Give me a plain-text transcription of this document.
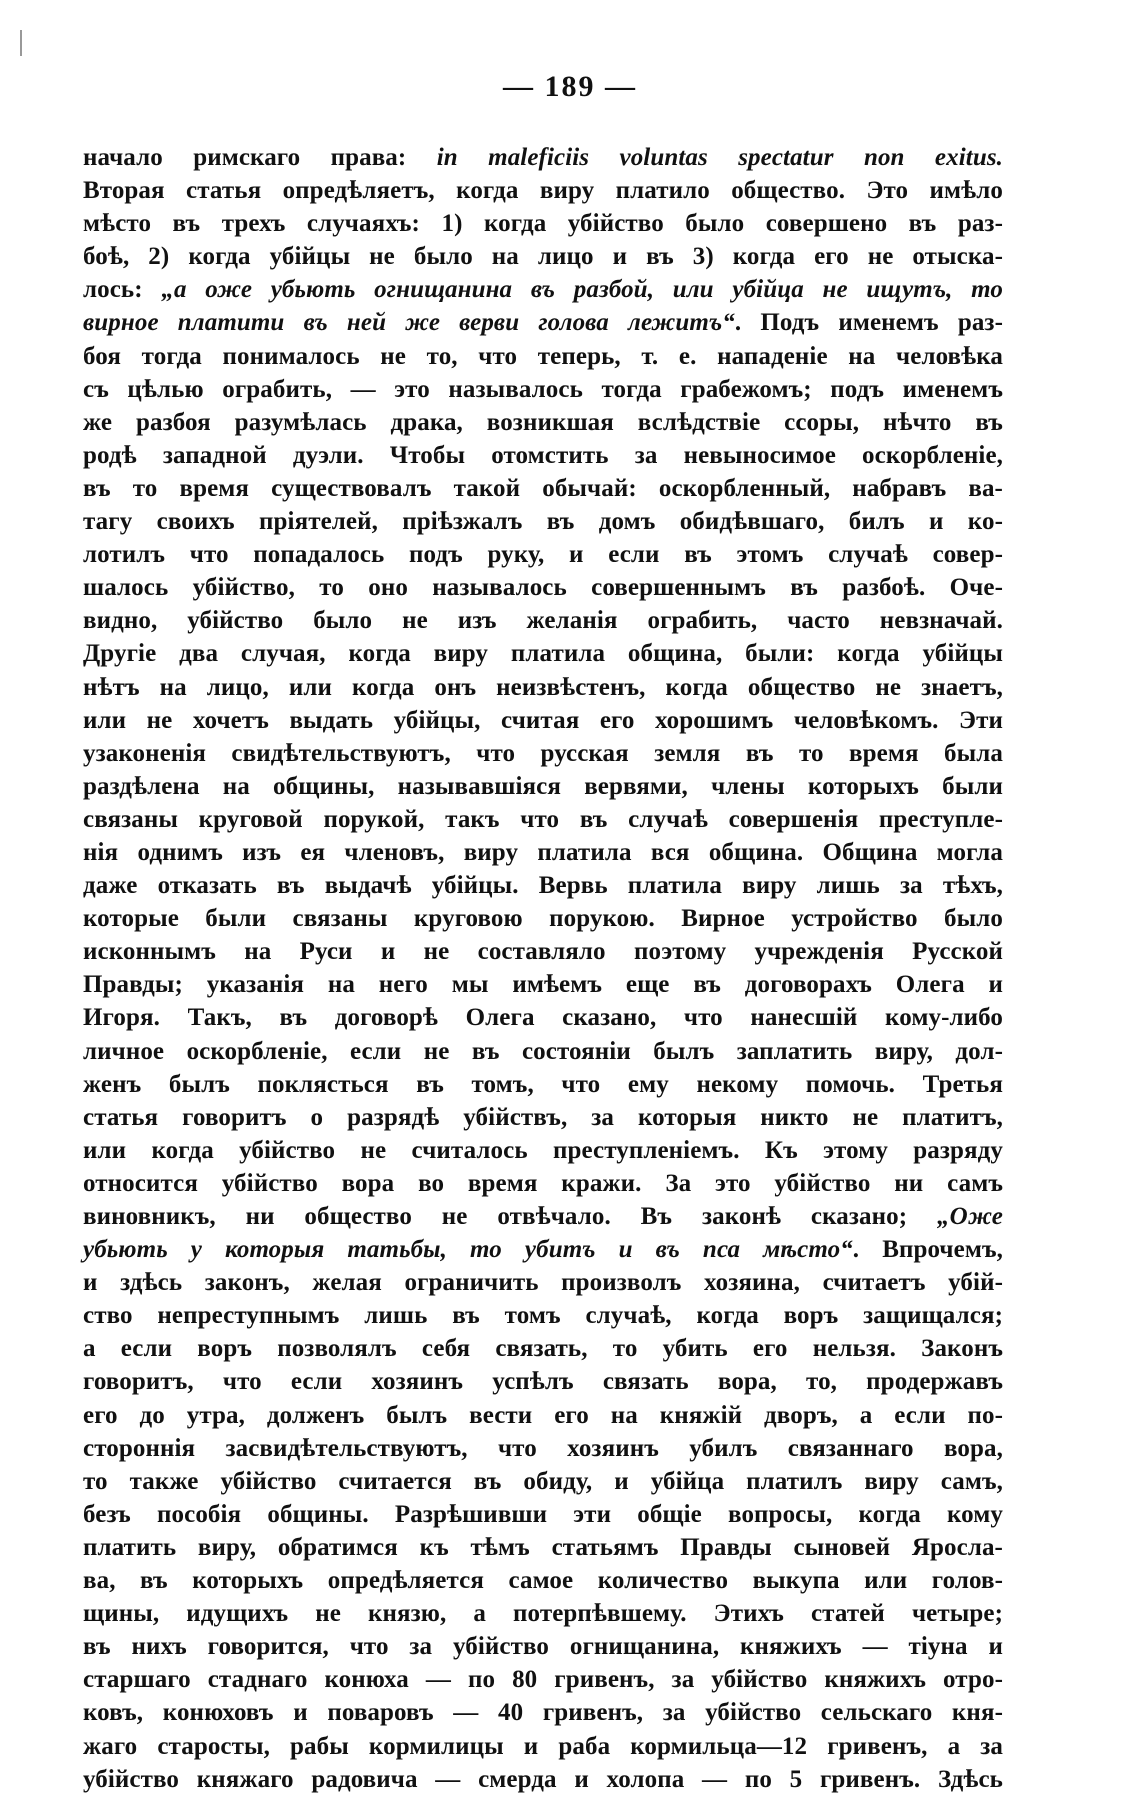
— 189 —
начало римскаго права: in maleficiis voluntas spectatur non exitus.
Вторая статья опредѣляетъ, когда виру платило общество. Это имѣло
мѣсто въ трехъ случаяхъ: 1) когда убійство было совершено въ раз-
боѣ, 2) когда убійцы не было на лицо и въ 3) когда его не отыска-
лось: „а оже убьють огнищанина въ разбой, или убійца не ищутъ, то
вирное платити въ ней же верви голова лежитъ“. Подъ именемъ раз-
боя тогда понималось не то, что теперь, т. е. нападеніе на человѣка
съ цѣлью ограбить, — это называлось тогда грабежомъ; подъ именемъ
же разбоя разумѣлась драка, возникшая вслѣдствіе ссоры, нѣчто въ
родѣ западной дуэли. Чтобы отомстить за невыносимое оскорбленіе,
въ то время существовалъ такой обычай: оскорбленный, набравъ ва-
тагу своихъ пріятелей, пріѣзжалъ въ домъ обидѣвшаго, билъ и ко-
лотилъ что попадалось подъ руку, и если въ этомъ случаѣ совер-
шалось убійство, то оно называлось совершеннымъ въ разбоѣ. Оче-
видно, убійство было не изъ желанія ограбить, часто невзначай.
Другіе два случая, когда виру платила община, были: когда убійцы
нѣтъ на лицо, или когда онъ неизвѣстенъ, когда общество не знаетъ,
или не хочетъ выдать убійцы, считая его хорошимъ человѣкомъ. Эти
узаконенія свидѣтельствуютъ, что русская земля въ то время была
раздѣлена на общины, называвшіяся вервями, члены которыхъ были
связаны круговой порукой, такъ что въ случаѣ совершенія преступле-
нія однимъ изъ ея членовъ, виру платила вся община. Община могла
даже отказать въ выдачѣ убійцы. Вервь платила виру лишь за тѣхъ,
которые были связаны круговою порукою. Вирное устройство было
исконнымъ на Руси и не составляло поэтому учрежденія Русской
Правды; указанія на него мы имѣемъ еще въ договорахъ Олега и
Игоря. Такъ, въ договорѣ Олега сказано, что нанесшій кому-либо
личное оскорбленіе, если не въ состояніи былъ заплатить виру, дол-
женъ былъ поклясться въ томъ, что ему некому помочь. Третья
статья говоритъ о разрядѣ убійствъ, за которыя никто не платитъ,
или когда убійство не считалось преступленіемъ. Къ этому разряду
относится убійство вора во время кражи. За это убійство ни самъ
виновникъ, ни общество не отвѣчало. Въ законѣ сказано; „Оже
убьють у которыя татьбы, то убитъ и въ пса мѣсто“. Впрочемъ,
и здѣсь законъ, желая ограничить произволъ хозяина, считаетъ убій-
ство непреступнымъ лишь въ томъ случаѣ, когда воръ защищался;
а если воръ позволялъ себя связать, то убить его нельзя. Законъ
говоритъ, что если хозяинъ успѣлъ связать вора, то, продержавъ
его до утра, долженъ былъ вести его на княжій дворъ, а если по-
стороннія засвидѣтельствуютъ, что хозяинъ убилъ связаннаго вора,
то также убійство считается въ обиду, и убійца платилъ виру самъ,
безъ пособія общины. Разрѣшивши эти общіе вопросы, когда кому
платить виру, обратимся къ тѣмъ статьямъ Правды сыновей Яросла-
ва, въ которыхъ опредѣляется самое количество выкупа или голов-
щины, идущихъ не князю, а потерпѣвшему. Этихъ статей четыре;
въ нихъ говорится, что за убійство огнищанина, княжихъ — тіуна и
старшаго стаднаго конюха — по 80 гривенъ, за убійство княжихъ отро-
ковъ, конюховъ и поваровъ — 40 гривенъ, за убійство сельскаго кня-
жаго старосты, рабы кормилицы и раба кормильца—12 гривенъ, а за
убійство княжаго радовича — смерда и холопа — по 5 гривенъ. Здѣсь
